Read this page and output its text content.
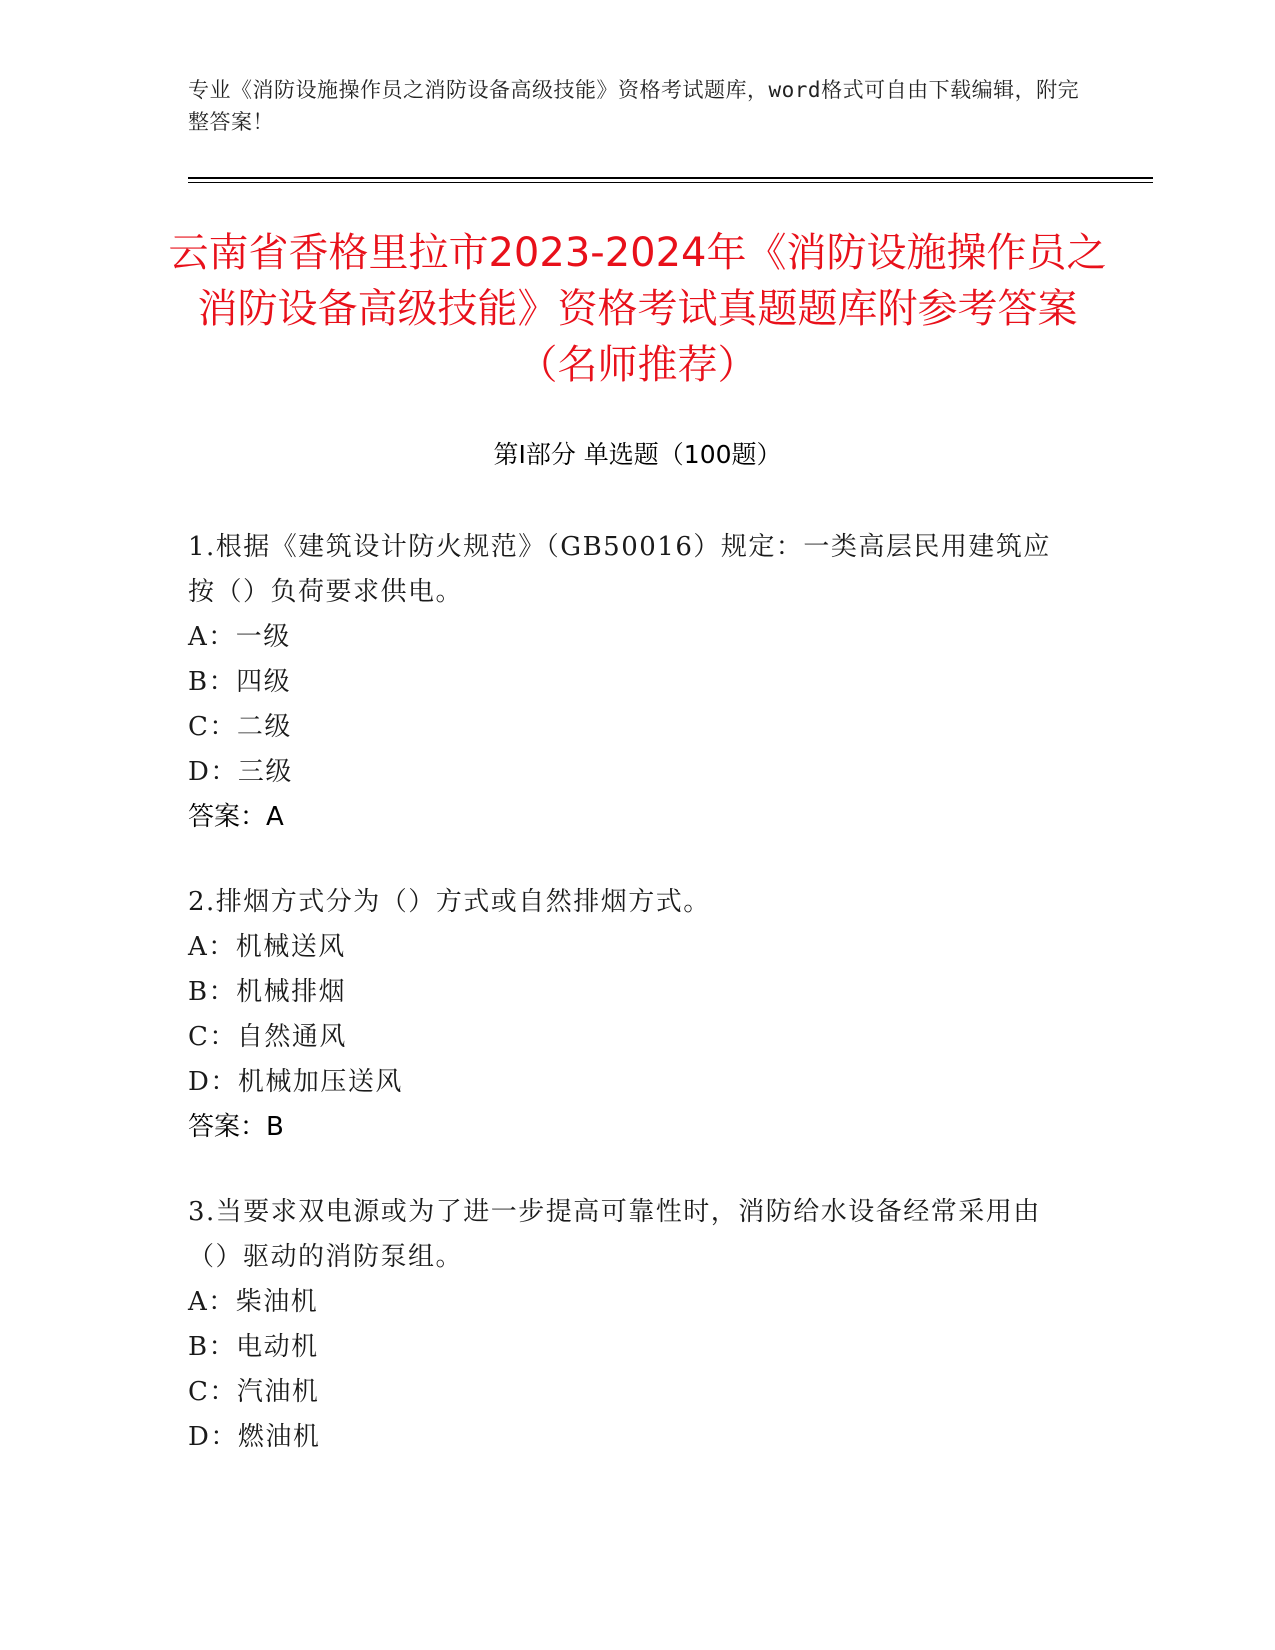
专业《消防设施操作员之消防设备高级技能》资格考试题库，word格式可自由下载编辑，附完整答案！
云南省香格里拉市2023-2024年《消防设施操作员之消防设备高级技能》资格考试真题题库附参考答案（名师推荐）
第Ⅰ部分 单选题（100题）
1.根据《建筑设计防火规范》（GB50016）规定：一类高层民用建筑应按（）负荷要求供电。
A：一级
B：四级
C：二级
D：三级
答案：A
2.排烟方式分为（）方式或自然排烟方式。
A：机械送风
B：机械排烟
C：自然通风
D：机械加压送风
答案：B
3.当要求双电源或为了进一步提高可靠性时，消防给水设备经常采用由（）驱动的消防泵组。
A：柴油机
B：电动机
C：汽油机
D：燃油机
